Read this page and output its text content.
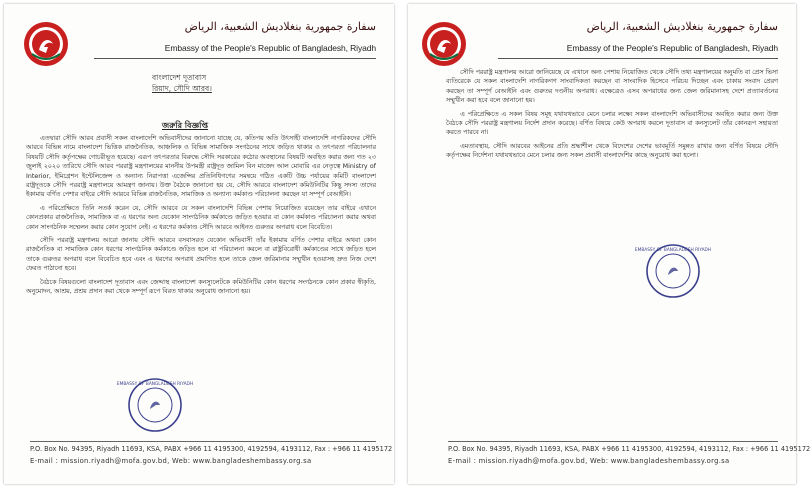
سفارة جمهورية بنغلاديش الشعبية، الرياض
Embassy of the People's Republic of Bangladesh, Riyadh
বাংলাদেশ দূতাবাস
রিয়াদ, সৌদি আরব।
জরুরি বিজ্ঞপ্তি

এতদ্বারা সৌদি আরব প্রবাসী সকল বাংলাদেশি অভিবাসীদের জানানো যাচ্ছে যে, কতিপয় অতি উৎসাহী বাংলাদেশি নাগরিকদের সৌদি আরবে বিভিন্ন নামে বাংলাদেশ ভিত্তিক রাজনৈতিক, আঞ্চলিক ও বিভিন্ন সামাজিক সংগঠনের সাথে জড়িত থাকার ও তৎপরতা পরিচালনার বিষয়টি সৌদি কর্তৃপক্ষের গোচরীভূত হয়েছে। এরূপ তৎপরতার বিরুদ্ধে সৌদি সরকারের কঠোর অবস্থানের বিষয়টি অবহিত করার জন্য গত ২৩ জুলাই ২০২০ তারিখে সৌদি আরব পররাষ্ট্র মন্ত্রণালয়ের মাননীয় উপমন্ত্রী রাষ্ট্রদূত জামিল বিন মাজেদ আল মোবারি এর নেতৃত্বে Ministry of Interior, ইমিগ্রেশন ইন্টেলিজেন্স ও অন্যান্য নিরাপত্তা এজেন্সির প্রতিনিধিগণের সমন্বয়ে গঠিত একটি উচ্চ পর্যায়ের কমিটি বাংলাদেশ রাষ্ট্রদূতকে সৌদি পররাষ্ট্র মন্ত্রণালয়ে আমন্ত্রণ জানায়। উক্ত বৈঠকে জানানো হয় যে, সৌদি আরবে বাংলাদেশ কমিউনিটির কিছু সদস্য তাদের ইকামায় বর্ণিত পেশার বাইরে সৌদি আরবে বিভিন্ন রাজনৈতিক, সামাজিক ও অন্যান্য কর্মকাণ্ড পরিচালনা করছেন যা সম্পূর্ণ বেআইনি।

এ পরিপ্রেক্ষিতে তিনি সতর্ক করেন যে, সৌদি আরবে যে সকল বাংলাদেশি বিভিন্ন পেশায় নিয়োজিত রয়েছেন তার বাইরে এখানে কোনপ্রকার রাজনৈতিক, সামাজিক বা এ ধরণের অন্য যেকোন সাংগঠনিক কর্মকাণ্ডে জড়িত হওয়ার বা কোন কর্মকাণ্ড পরিচালনা করার অথবা কোন সাংগঠনিক সম্মেলন করার কোন সুযোগ নেই। এ ধরণের কর্মকাণ্ড সৌদি আরবে আইনত গুরুতর অপরাধ বলে বিবেচিত।

সৌদি পররাষ্ট্র মন্ত্রণালয় আরো জানায় সৌদি আরবে বসবাসরত যেকোন অভিবাসী তাঁর ইকামায় বর্ণিত পেশার বাইরে অথবা কোন রাজনৈতিক বা সামাজিক কোন ধরণের সাংগঠনিক কর্মকাণ্ডে জড়িত হলে বা পরিচালনা করলে বা রাষ্ট্রবিরোধী কর্মকাণ্ডের সাথে জড়িত হলে তাকে গুরুতর অপরাধ বলে বিবেচিত হবে এবং এ ধরণের অপরাধ প্রমাণিত হলে তাকে জেল জরিমানার সম্মুখীন হওয়াসহ দ্রুত নিজ দেশে ফেরত পাঠানো হবে।

বৈঠকে বিষয়গুলো বাংলাদেশ দূতাবাস এবং জেদ্দাস্থ বাংলাদেশ কনস্যুলেটকে কমিউনিটির কোন ধরণের সংগঠনকে কোন প্রকার স্বীকৃতি, অনুমোদন, আশ্রয়, প্রশ্রয় প্রদান করা থেকে সম্পূর্ণ রূপে বিরত থাকার অনুরোধ জানানো হয়।

EMBASSY OF BANGLADESH RIYADH
P.O. Box No. 94395, Riyadh 11693, KSA, PABX +966 11 4195300, 4192594, 4193112, Fax : +966 11 4195172
E-mail : mission.riyadh@mofa.gov.bd, Web: www.bangladeshembassy.org.sa
سفارة جمهورية بنغلاديش الشعبية، الرياض
Embassy of the People's Republic of Bangladesh, Riyadh

সৌদি পররাষ্ট্র মন্ত্রণালয় আরো জানিয়েছে যে এখানে অন্য পেশায় নিয়োজিত থেকে সৌদি তথ্য মন্ত্রণালয়ের অনুমতি বা প্রেস ভিসা ব্যতিরেকে যে সকল বাংলাদেশি নাগরিকগণ সাংবাদিকতা করছেন বা সাংবাদিক হিসেবে পরিচয় দিচ্ছেন এবং চাকায় সংবাদ প্রেরণ করছেন তা সম্পূর্ণ বেআইনি এবং গুরুতর দণ্ডনীয় অপরাধ। এক্ষেত্রেও এসব অপরাধের জন্য জেল জরিমানাসহ দেশে প্রত্যাবর্তনের সম্মুখীন করা হবে বলে জানানো হয়।

এ পরিপ্রেক্ষিতে এ সকল বিষয় সমূহ যথাযথভাবে মেনে চলার লক্ষ্যে সকল বাংলাদেশি অভিবাসীদের অবহিত করার জন্য উক্ত বৈঠকে সৌদি পররাষ্ট্র মন্ত্রণালয় নির্দেশ প্রদান করেছে। বর্ণিত বিষয়ে কেউ অপরাধ করলে দূতাবাস বা কনস্যুলেট তাঁর কোনরূপ সহায়তা করতে পারবে না।

এমতাবস্থায়, সৌদি আরবের আইনের প্রতি শ্রদ্ধাশীল থেকে বিদেশের দেশের ভাবমূর্তি সমুন্নত রাখার জন্য বর্ণিত বিষয়ে সৌদি কর্তৃপক্ষের নির্দেশনা যথাযথভাবে মেনে চলার জন্য সকল প্রবাসী বাংলাদেশির কাছে অনুরোধ করা হলো।

EMBASSY OF BANGLADESH RIYADH
P.O. Box No. 94395, Riyadh 11693, KSA, PABX +966 11 4195300, 4192594, 4193112, Fax : +966 11 4195172
E-mail : mission.riyadh@mofa.gov.bd, Web: www.bangladeshembassy.org.sa
